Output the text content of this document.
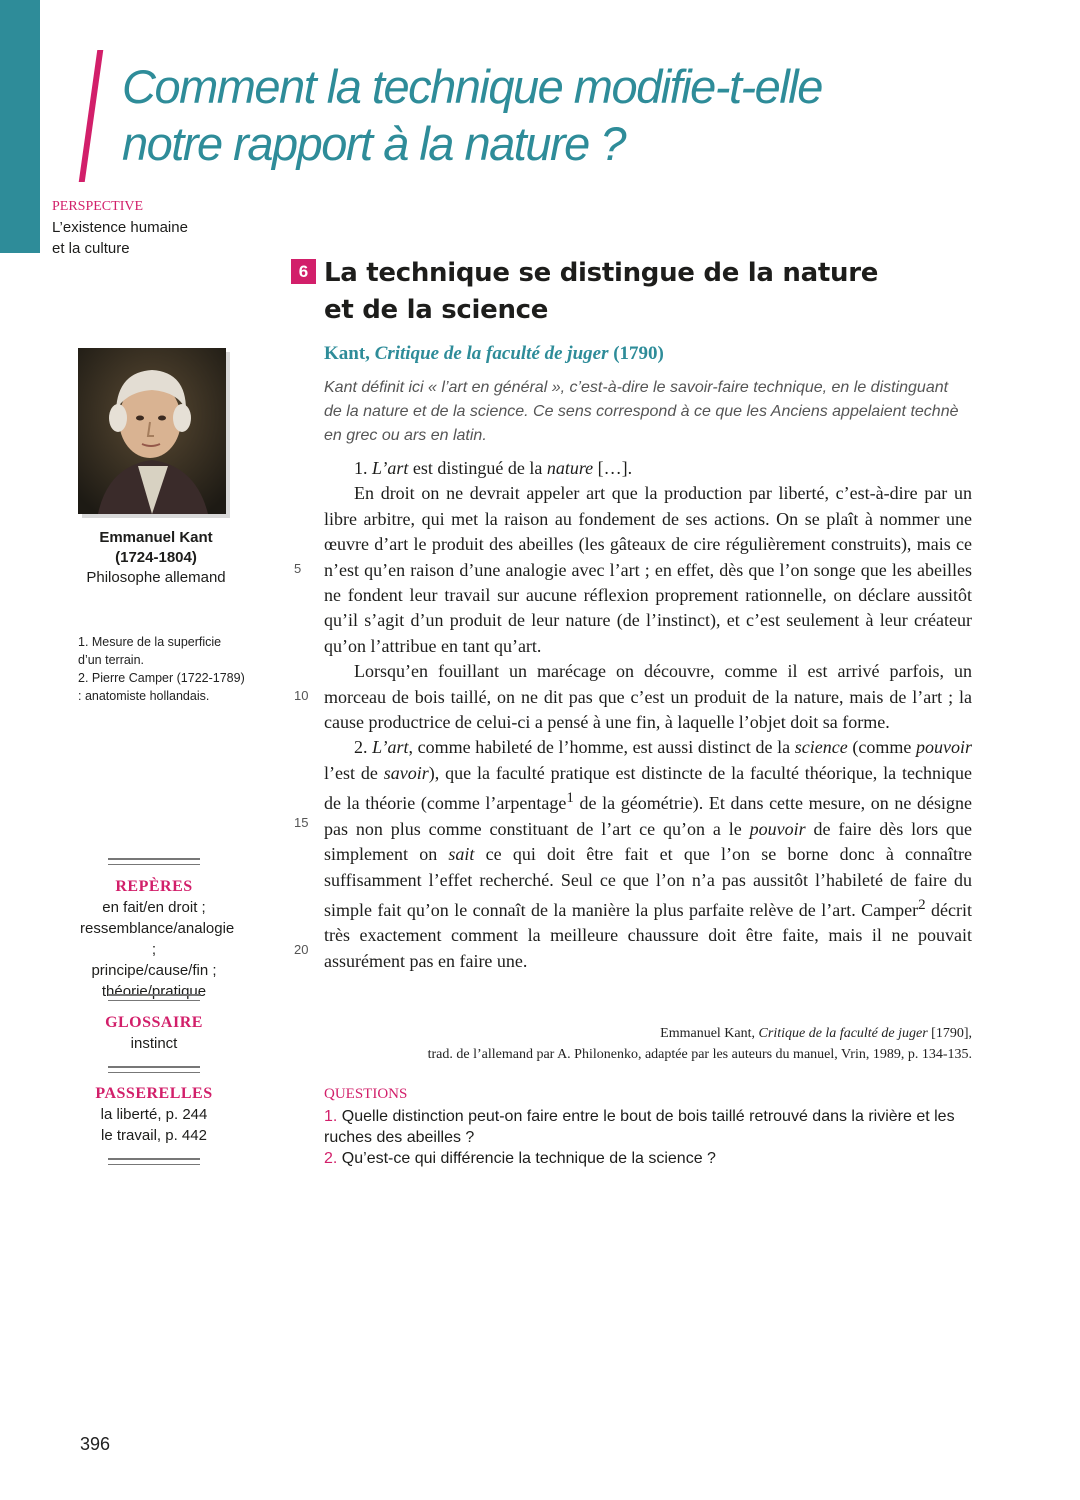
Comment la technique modifie-t-elle
notre rapport à la nature ?
PERSPECTIVE
L’existence humaine
et la culture
6 La technique se distingue de la nature
et de la science
Emmanuel Kant
(1724-1804)
Philosophe allemand

1. Mesure de la superficie d’un terrain.

2. Pierre Camper (1722-1789) : anatomiste hollandais.

REPÈRES
en fait/en droit ;
ressemblance/analogie ;
principe/cause/fin ;
théorie/pratique
GLOSSAIRE
instinct
PASSERELLES
la liberté, p. 244
le travail, p. 442
Kant, Critique de la faculté de juger (1790)

Kant définit ici « l’art en général », c’est-à-dire le savoir-faire technique, en le distinguant de la nature et de la science. Ce sens correspond à ce que les Anciens appelaient technè en grec ou ars en latin.

1. L’art est distingué de la nature […].

En droit on ne devrait appeler art que la production par liberté, c’est-à-dire par un libre arbitre, qui met la raison au fondement de ses actions. On se plaît à nommer une œuvre d’art le produit des abeilles (les gâteaux de cire régulièrement construits), mais ce n’est qu’en raison d’une analogie avec l’art ; en effet, dès que l’on songe que les abeilles ne fondent leur travail sur aucune réflexion proprement rationnelle, on déclare aussitôt qu’il s’agit d’un produit de leur nature (de l’instinct), et c’est seulement à leur créateur qu’on l’attribue en tant qu’art.

Lorsqu’en fouillant un marécage on découvre, comme il est arrivé parfois, un morceau de bois taillé, on ne dit pas que c’est un produit de la nature, mais de l’art ; la cause productrice de celui-ci a pensé à une fin, à laquelle l’objet doit sa forme.

2. L’art, comme habileté de l’homme, est aussi distinct de la science (comme pouvoir l’est de savoir), que la faculté pratique est distincte de la faculté théorique, la technique de la théorie (comme l’arpentage$^1$ de la géométrie). Et dans cette mesure, on ne désigne pas non plus comme constituant de l’art ce qu’on a le pouvoir de faire dès lors que simplement on sait ce qui doit être fait et que l’on se borne donc à connaître suffisamment l’effet recherché. Seul ce que l’on n’a pas aussitôt l’habileté de faire du simple fait qu’on le connaît de la manière la plus parfaite relève de l’art. Camper$^2$ décrit très exactement comment la meilleure chaussure doit être faite, mais il ne pouvait assurément pas en faire une.

5
10
15
20
Emmanuel Kant, Critique de la faculté de juger [1790],
trad. de l’allemand par A. Philonenko, adaptée par les auteurs du manuel, Vrin, 1989, p. 134-135.
QUESTIONS

1. Quelle distinction peut-on faire entre le bout de bois taillé retrouvé dans la rivière et les ruches des abeilles ?

2. Qu’est-ce qui différencie la technique de la science ?

396
